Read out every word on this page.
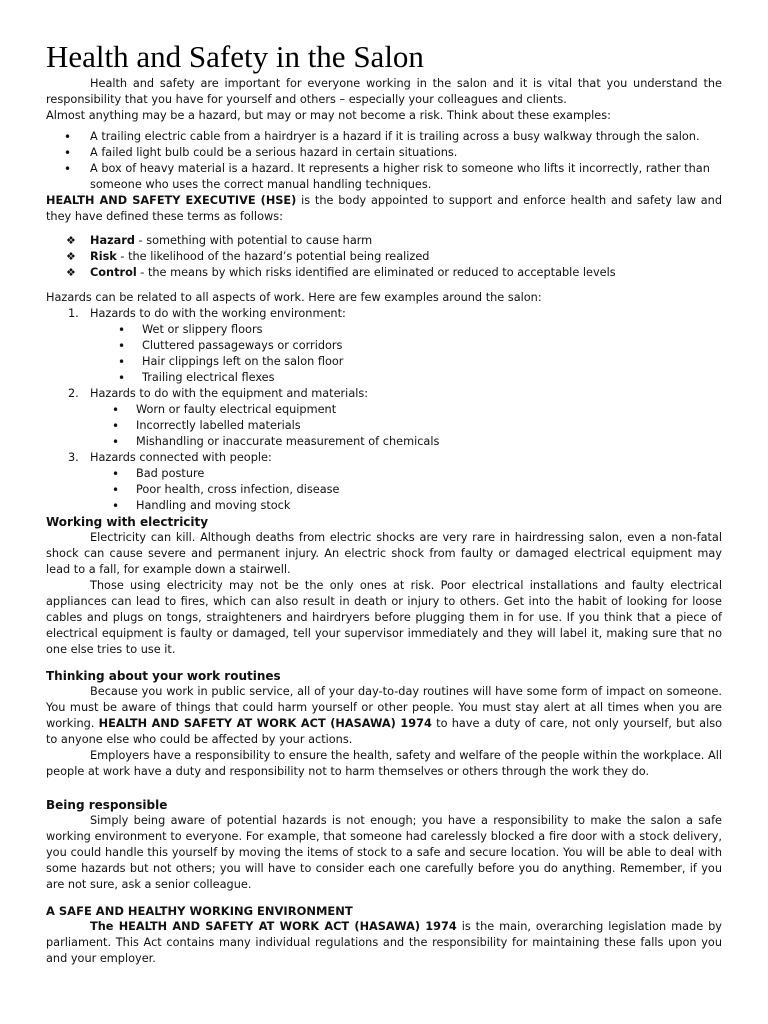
Health and Safety in the Salon

Health and safety are important for everyone working in the salon and it is vital that you understand the responsibility that you have for yourself and others – especially your colleagues and clients.

Almost anything may be a hazard, but may or may not become a risk. Think about these examples:

• A trailing electric cable from a hairdryer is a hazard if it is trailing across a busy walkway through the salon.
• A failed light bulb could be a serious hazard in certain situations.
• A box of heavy material is a hazard. It represents a higher risk to someone who lifts it incorrectly, rather than someone who uses the correct manual handling techniques.

HEALTH AND SAFETY EXECUTIVE (HSE) is the body appointed to support and enforce health and safety law and they have defined these terms as follows:

❖ Hazard - something with potential to cause harm
❖ Risk - the likelihood of the hazard’s potential being realized
❖ Control - the means by which risks identified are eliminated or reduced to acceptable levels

Hazards can be related to all aspects of work. Here are few examples around the salon:

1. Hazards to do with the working environment:
• Wet or slippery floors
• Cluttered passageways or corridors
• Hair clippings left on the salon floor
• Trailing electrical flexes
2. Hazards to do with the equipment and materials:
• Worn or faulty electrical equipment
• Incorrectly labelled materials
• Mishandling or inaccurate measurement of chemicals
3. Hazards connected with people:
• Bad posture
• Poor health, cross infection, disease
• Handling and moving stock
Working with electricity

Electricity can kill. Although deaths from electric shocks are very rare in hairdressing salon, even a non-fatal shock can cause severe and permanent injury. An electric shock from faulty or damaged electrical equipment may lead to a fall, for example down a stairwell.

Those using electricity may not be the only ones at risk. Poor electrical installations and faulty electrical appliances can lead to fires, which can also result in death or injury to others. Get into the habit of looking for loose cables and plugs on tongs, straighteners and hairdryers before plugging them in for use. If you think that a piece of electrical equipment is faulty or damaged, tell your supervisor immediately and they will label it, making sure that no one else tries to use it.

Thinking about your work routines

Because you work in public service, all of your day-to-day routines will have some form of impact on someone. You must be aware of things that could harm yourself or other people. You must stay alert at all times when you are working. HEALTH AND SAFETY AT WORK ACT (HASAWA) 1974 to have a duty of care, not only yourself, but also to anyone else who could be affected by your actions.

Employers have a responsibility to ensure the health, safety and welfare of the people within the workplace. All people at work have a duty and responsibility not to harm themselves or others through the work they do.

Being responsible

Simply being aware of potential hazards is not enough; you have a responsibility to make the salon a safe working environment to everyone. For example, that someone had carelessly blocked a fire door with a stock delivery, you could handle this yourself by moving the items of stock to a safe and secure location. You will be able to deal with some hazards but not others; you will have to consider each one carefully before you do anything. Remember, if you are not sure, ask a senior colleague.

A SAFE AND HEALTHY WORKING ENVIRONMENT

The HEALTH AND SAFETY AT WORK ACT (HASAWA) 1974 is the main, overarching legislation made by parliament. This Act contains many individual regulations and the responsibility for maintaining these falls upon you and your employer.
